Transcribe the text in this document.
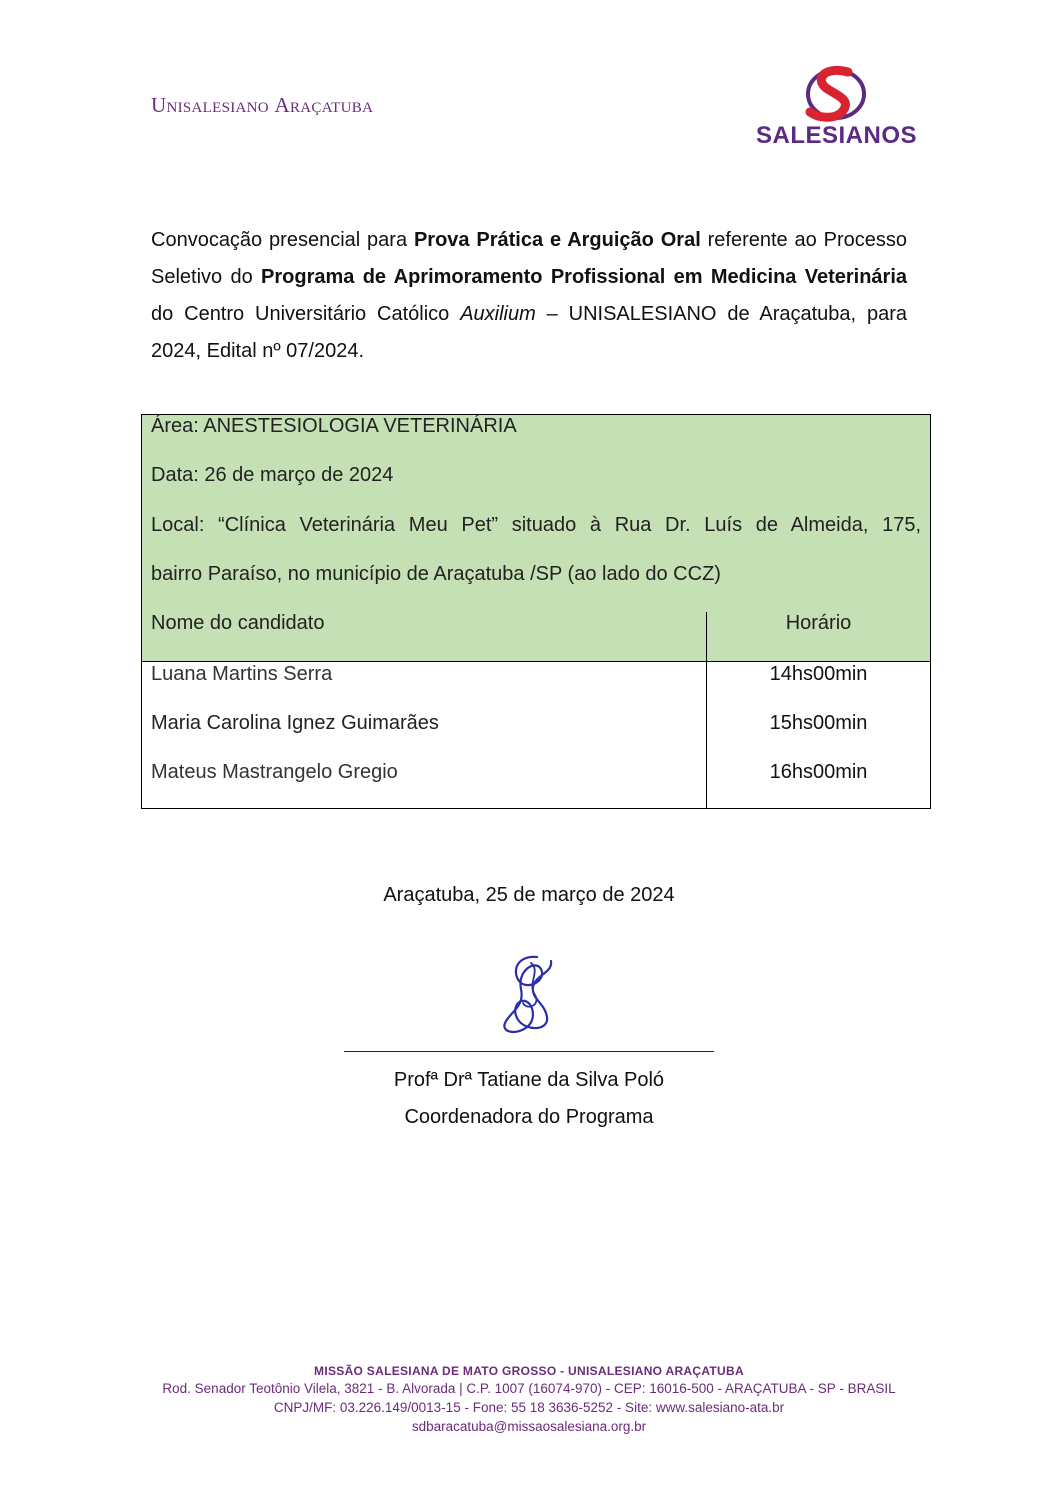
Unisalesiano Araçatuba
SALESIANOS
Convocação presencial para Prova Prática e Arguição Oral referente ao Processo Seletivo do Programa de Aprimoramento Profissional em Medicina Veterinária do Centro Universitário Católico Auxilium – UNISALESIANO de Araçatuba, para 2024, Edital nº 07/2024.
Área: ANESTESIOLOGIA VETERINÁRIA
Data: 26 de março de 2024
Local: “Clínica Veterinária Meu Pet” situado à Rua Dr. Luís de Almeida, 175,
bairro Paraíso, no município de Araçatuba /SP (ao lado do CCZ)
Nome do candidato	Horário
Luana Martins Serra	14hs00min
Maria Carolina Ignez Guimarães	15hs00min
Mateus Mastrangelo Gregio	16hs00min
Araçatuba, 25 de março de 2024
Profª Drª Tatiane da Silva Poló
Coordenadora do Programa
MISSÃO SALESIANA DE MATO GROSSO - UNISALESIANO ARAÇATUBA
Rod. Senador Teotônio Vilela, 3821 - B. Alvorada | C.P. 1007 (16074-970) - CEP: 16016-500 - ARAÇATUBA - SP - BRASIL
CNPJ/MF: 03.226.149/0013-15 - Fone: 55 18 3636-5252 - Site: www.salesiano-ata.br
sdbaracatuba@missaosalesiana.org.br
